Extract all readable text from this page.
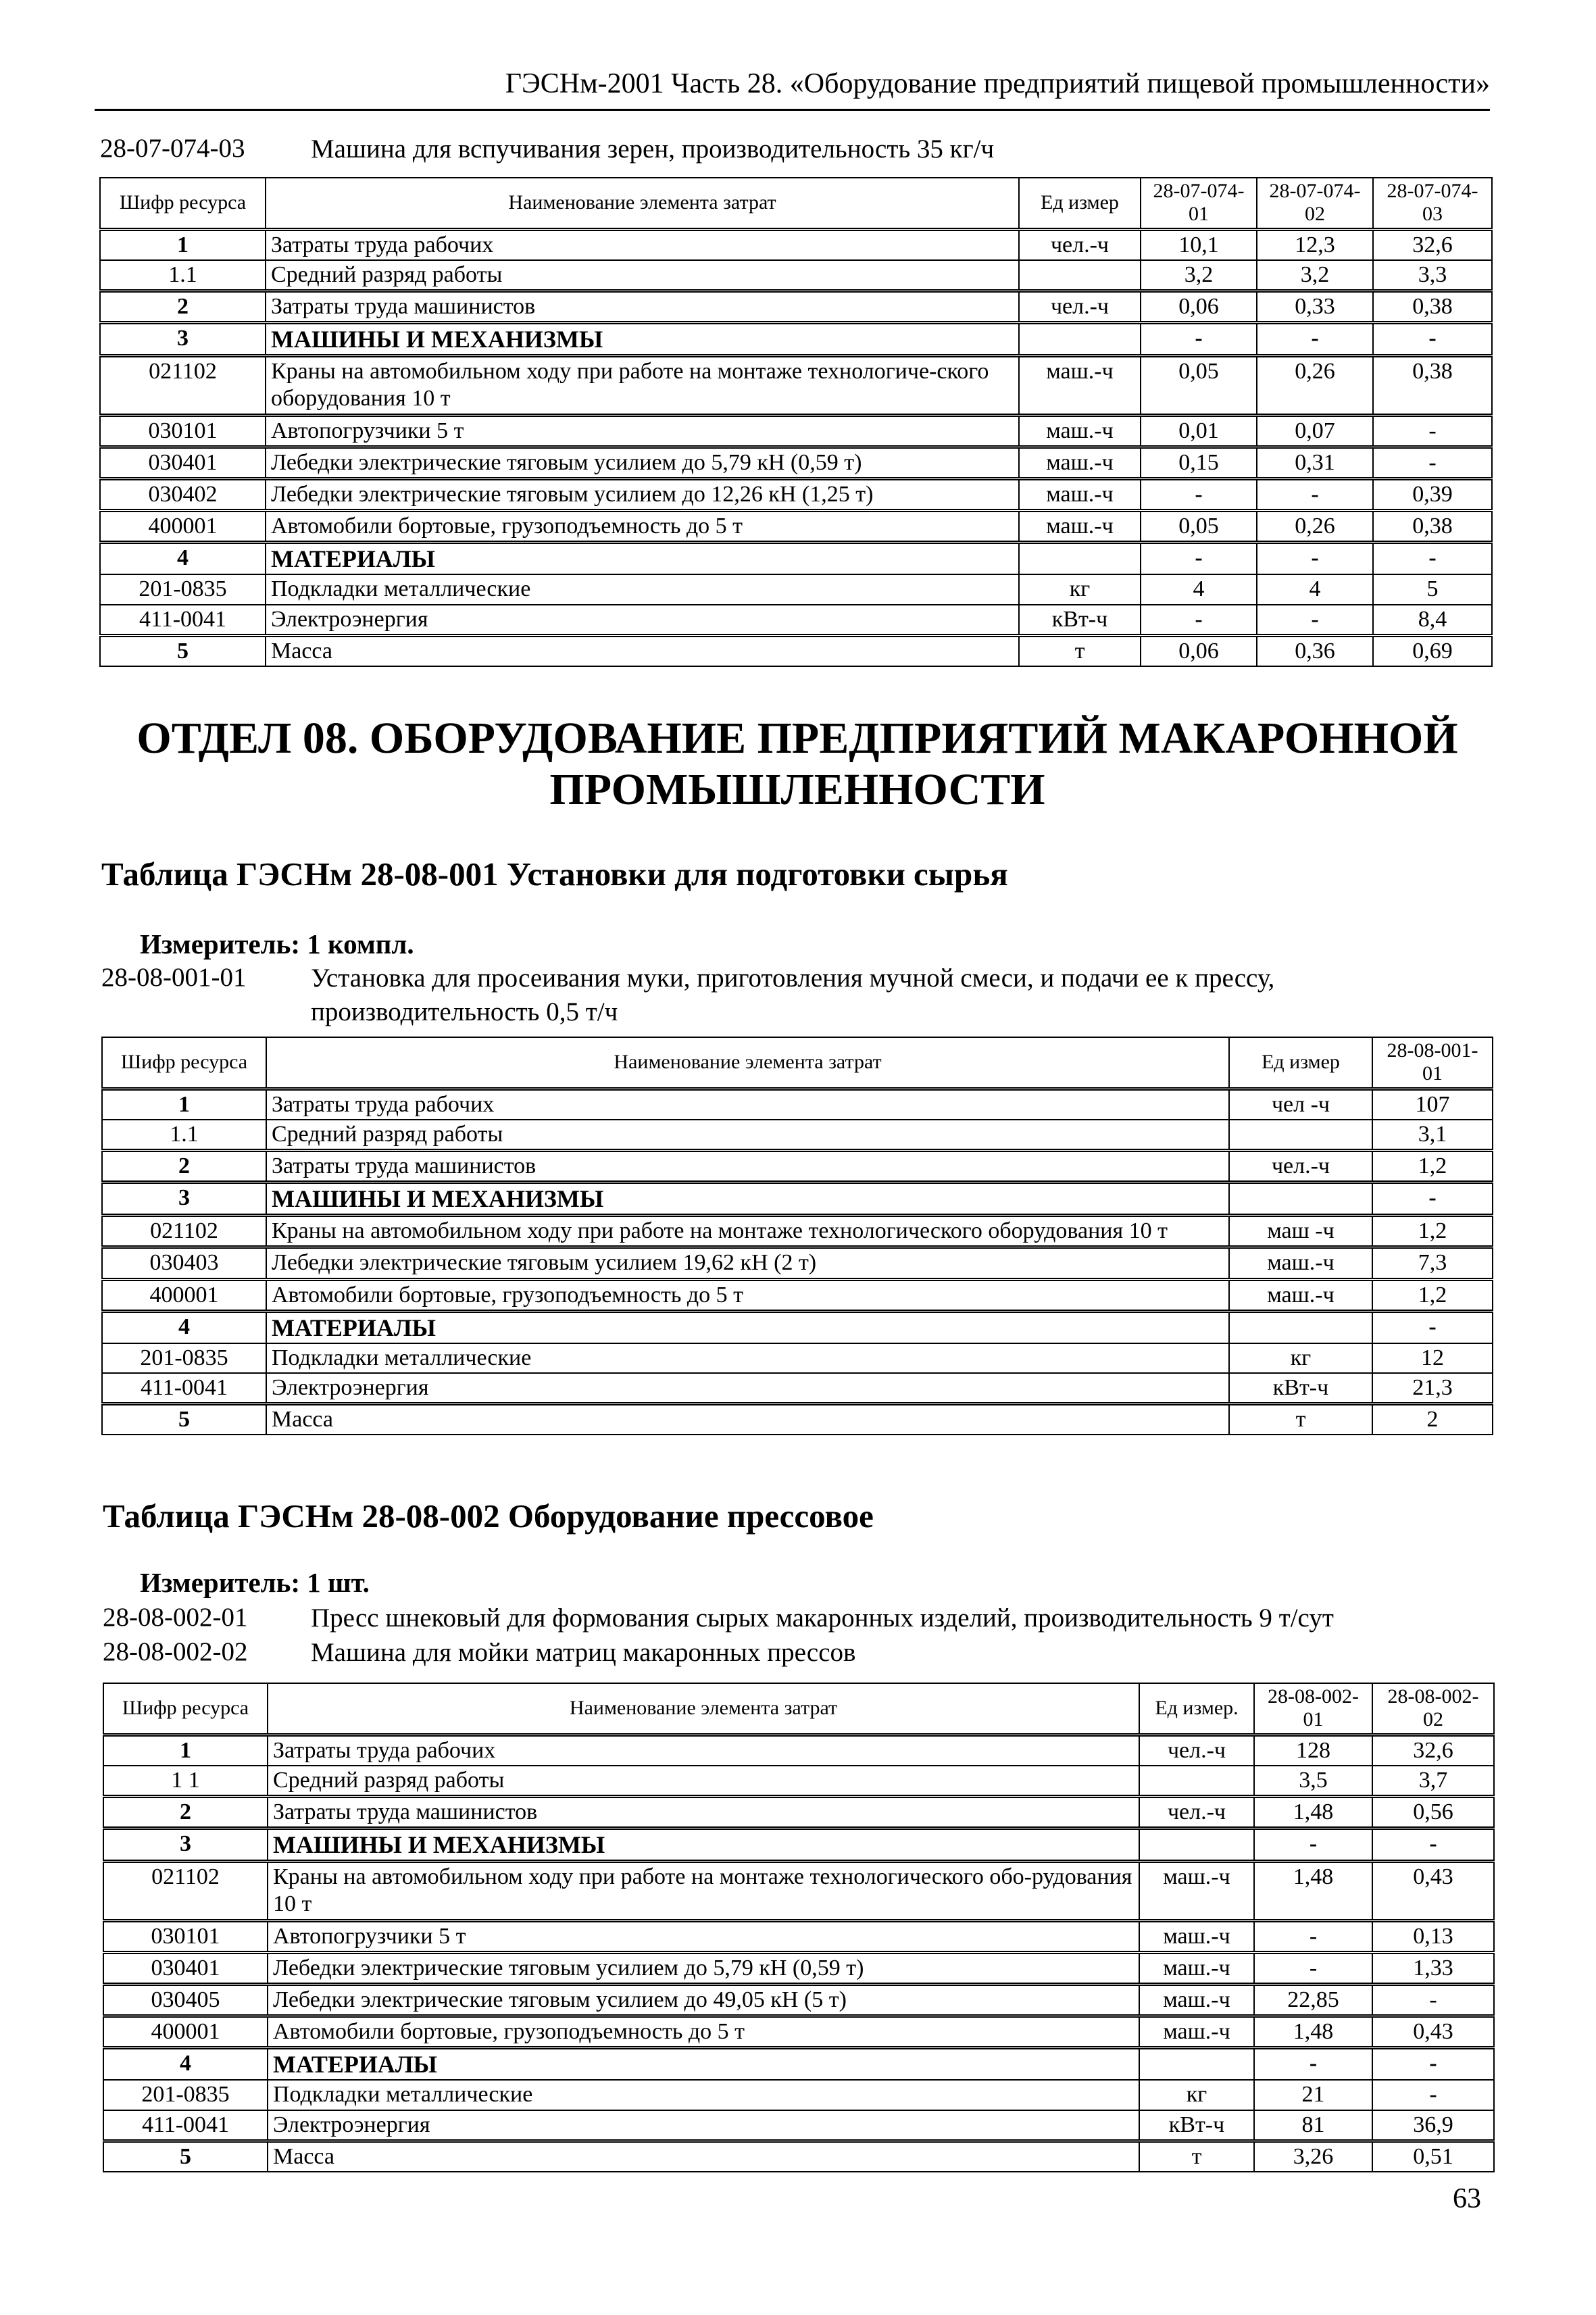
ГЭСНм-2001 Часть 28. «Оборудование предприятий пищевой промышленности»
28-07-074-03	Машина для вспучивания зерен, производительность 35 кг/ч
Шифр ресурса	Наименование элемента затрат	Ед измер	28-07-074-01	28-07-074-02	28-07-074-03
1	Затраты труда рабочих	чел.-ч	10,1	12,3	32,6
1.1	Средний разряд работы		3,2	3,2	3,3
2	Затраты труда машинистов	чел.-ч	0,06	0,33	0,38
3	МАШИНЫ И МЕХАНИЗМЫ		-	-	-
021102	Краны на автомобильном ходу при работе на монтаже технологиче-ского оборудования 10 т	маш.-ч	0,05	0,26	0,38
030101	Автопогрузчики 5 т	маш.-ч	0,01	0,07	-
030401	Лебедки электрические тяговым усилием до 5,79 кН (0,59 т)	маш.-ч	0,15	0,31	-
030402	Лебедки электрические тяговым усилием до 12,26 кН (1,25 т)	маш.-ч	-	-	0,39
400001	Автомобили бортовые, грузоподъемность до 5 т	маш.-ч	0,05	0,26	0,38
4	МАТЕРИАЛЫ		-	-	-
201-0835	Подкладки металлические	кг	4	4	5
411-0041	Электроэнергия	кВт-ч	-	-	8,4
5	Масса	т	0,06	0,36	0,69
ОТДЕЛ 08. ОБОРУДОВАНИЕ ПРЕДПРИЯТИЙ МАКАРОННОЙ ПРОМЫШЛЕННОСТИ
Таблица ГЭСНм 28-08-001 Установки для подготовки сырья
Измеритель: 1 компл.
28-08-001-01 Установка для просеивания муки, приготовления мучной смеси, и подачи ее к прессу, производительность 0,5 т/ч
Шифр ресурса	Наименование элемента затрат	Ед измер	28-08-001-01
1	Затраты труда рабочих	чел -ч	107
1.1	Средний разряд работы		3,1
2	Затраты труда машинистов	чел.-ч	1,2
3	МАШИНЫ И МЕХАНИЗМЫ		-
021102	Краны на автомобильном ходу при работе на монтаже технологического оборудования 10 т	маш -ч	1,2
030403	Лебедки электрические тяговым усилием 19,62 кН (2 т)	маш.-ч	7,3
400001	Автомобили бортовые, грузоподъемность до 5 т	маш.-ч	1,2
4	МАТЕРИАЛЫ		-
201-0835	Подкладки металлические	кг	12
411-0041	Электроэнергия	кВт-ч	21,3
5	Масса	т	2
Таблица ГЭСНм 28-08-002 Оборудование прессовое
Измеритель: 1 шт.
28-08-002-01 Пресс шнековый для формования сырых макаронных изделий, производительность 9 т/сут
28-08-002-02 Машина для мойки матриц макаронных прессов
Шифр ресурса	Наименование элемента затрат	Ед измер.	28-08-002-01	28-08-002-02
1	Затраты труда рабочих	чел.-ч	128	32,6
1 1	Средний разряд работы		3,5	3,7
2	Затраты труда машинистов	чел.-ч	1,48	0,56
3	МАШИНЫ И МЕХАНИЗМЫ		-	-
021102	Краны на автомобильном ходу при работе на монтаже технологического обо-рудования 10 т	маш.-ч	1,48	0,43
030101	Автопогрузчики 5 т	маш.-ч	-	0,13
030401	Лебедки электрические тяговым усилием до 5,79 кН (0,59 т)	маш.-ч	-	1,33
030405	Лебедки электрические тяговым усилием до 49,05 кН (5 т)	маш.-ч	22,85	-
400001	Автомобили бортовые, грузоподъемность до 5 т	маш.-ч	1,48	0,43
4	МАТЕРИАЛЫ		-	-
201-0835	Подкладки металлические	кг	21	-
411-0041	Электроэнергия	кВт-ч	81	36,9
5	Масса	т	3,26	0,51
63
